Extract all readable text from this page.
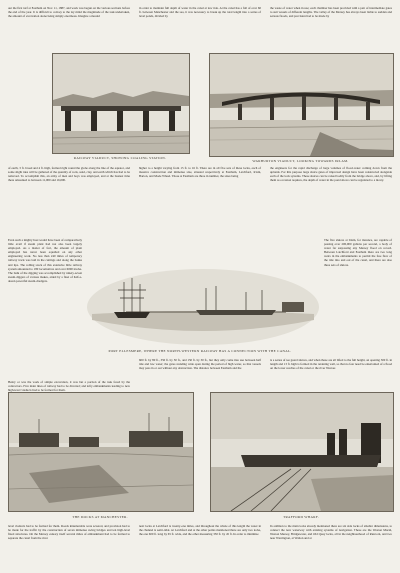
out the first turf at Eastham on Nov. 11, 1887, and work was begun on the various sections before the end of the year. It is difficult to convey to the lay mind the magnitude of the task undertaken, the amount of excavation alone being simply enormous. Imagine a mound

in order to maintain full depth of water in the canal at low tide. At the canal has a fall of over 60 ft. between Manchester and the sea, it was necessary to break up the total length into a series of level ponds, divided by

the waste of water when in use; each chamber has been provided with a pair of intermediate gates to suit vessels of different lengths. The valley of the Mersey has always been liable to sudden and serious floods, and provision had to be made by

RAILWAY VIADUCT, SHOWING COALING STATION.
WARBURTON VIADUCT, LOOKING TOWARDS IRLAM.

of earth, 3 ft. broad and 4 ft. high, formed right round the globe along the line of the equator, and some slight idea will be gathered of the quantity of rock, sand, clay, and earth which has had to be removed. To accomplish this, an army of men and boys was employed, and at the busiest time there amounted to between 11,000 and 16,000.

higher to a height varying from 15 ft. to 16 ft. There are in all five sets of these locks, each of massive construction and immense size, situated respectively at Eastham, Latchford, Irlam, Barton, and Mode Wheel. Those at Eastham are three in number, the sizes being

the engineers for the rapid discharge of large volumes of flood-water coming down from the uplands. For this purpose large sluice gates of improved design have been constructed alongside each of the lock systems. These sluices can be raised bodily from the bridge above, and, by lifting them as occasion requires, the depth of water in the pond above can be regulated to a nicety.

Even such a mighty host would have been of comparatively little avail if steam plant had not also been largely employed. As a matter of fact, the amount of plant employed has never been equalled on any other engineering work. No less than 240 miles of temporary railway track was laid in the cuttings and along the banks and tips. The rolling stock of this extensive little railway system amounted to 180 locomotives and over 6000 trucks. The bulk of the digging was accomplished by ninety-seven steam-diggers of various makes, aided by a fleet of half-a-dozen powerful steam-dredgers.
The five sluices at Irlam, for instance, are capable of passing over 200,000 gallons per second, a body of water far surpassing any Mersey flood on record. Between Latchford and Eastham there are two long weirs in the embankments to permit the free flow of the tide into and out of the canal, and there are also three sets of sluices.
PORT ELLESMERE, WHERE THE NORTH-WESTERN RAILWAY HAS A CONNECTION WITH THE CANAL.

Henry or was the work of simple excavation, it was but a portion of the task faced by the contractors. Five main lines of railway had to be diverted; and lofty embankments leading to new high-level viaducts had to be formed for them.

600 ft. by 80 ft., 350 ft. by 50 ft., and 150 ft. by 30 ft., but they only come into use between half tide and low water; the gates standing wide open during the period of high water, so that vessels may pass in or out without any obstruction. The distance between Eastham and the

is a series of tee guard sluices, and when these are all lifted to the full height, an opening 300 ft. in length and 13 ft. high is formed in the retaining wall, so that no fear need be entertained of a flood on the lower reaches of the canal or the river Weaver.

THE DOCKS AT MANCHESTER.	TRAFFORD WHARF.

level viaducts had to be formed for them. Roads innumerable were severed, and provision had to be made for the traffic by the construction of seven immense swing bridges and ten high-level fixed structures. On the Mersey estuary itself several miles of embankment had to be formed to separate the canal from the river

next locks at Latchford is twenty-one miles, and throughout the whole of this length the water in the channel is semi-tidal. At Latchford and at the other points mentioned there are only two locks, the one 600 ft. long by 65 ft. wide, and the other measuring 350 ft. by 45 ft. In order to minimise

In addition to the main locks already mentioned there are six side locks of smaller dimensions, to connect the new waterway with existing systems of navigation. These are the Weston Marsh, Weston Mersey, Bridgewater, and Old Quay locks, all in the neighbourhood of Runcorn, and two near Warrington, at Walton and at
